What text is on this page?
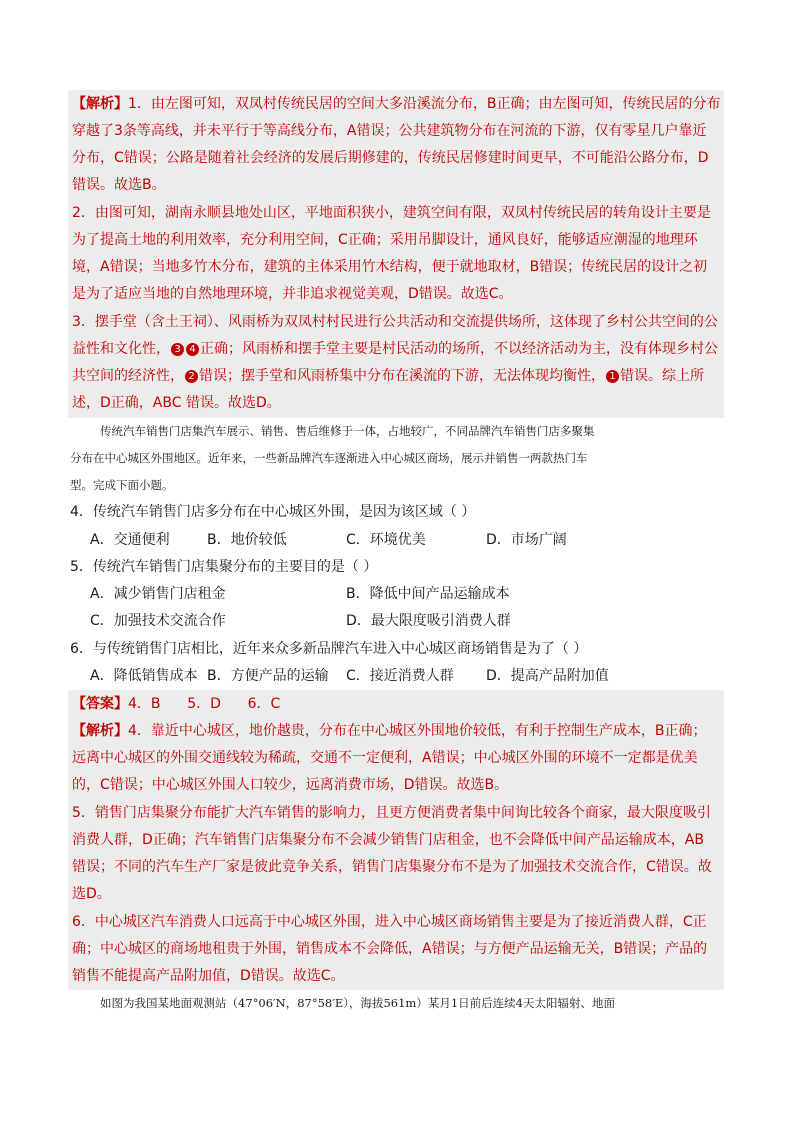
【解析】1．由左图可知，双凤村传统民居的空间大多沿溪流分布，B正确；由左图可知，传统民居的分布
穿越了3条等高线，并未平行于等高线分布，A错误；公共建筑物分布在河流的下游，仅有零星几户靠近
分布，C错误；公路是随着社会经济的发展后期修建的，传统民居修建时间更早，不可能沿公路分布，D
错误。故选B。
2．由图可知，湖南永顺县地处山区，平地面积狭小，建筑空间有限，双凤村传统民居的转角设计主要是
为了提高土地的利用效率，充分利用空间，C正确；采用吊脚设计，通风良好，能够适应潮湿的地理环
境，A错误；当地多竹木分布，建筑的主体采用竹木结构，便于就地取材，B错误；传统民居的设计之初
是为了适应当地的自然地理环境，并非追求视觉美观，D错误。故选C。
3．摆手堂（含土王祠）、风雨桥为双凤村村民进行公共活动和交流提供场所，这体现了乡村公共空间的公
益性和文化性， 3 4 正确；风雨桥和摆手堂主要是村民活动的场所，不以经济活动为主，没有体现乡村公
共空间的经济性， 2 错误；摆手堂和风雨桥集中分布在溪流的下游，无法体现均衡性， 1 错误。综上所
述，D正确，ABC 错误。故选D。
传统汽车销售门店集汽车展示、销售、售后维修于一体，占地较广，不同品牌汽车销售门店多聚集
分布在中心城区外围地区。近年来，一些新品牌汽车逐渐进入中心城区商场，展示并销售一两款热门车
型。完成下面小题。
4．传统汽车销售门店多分布在中心城区外围，是因为该区域（ ）
A．交通便利	B．地价较低	C．环境优美	D．市场广阔
5．传统汽车销售门店集聚分布的主要目的是（ ）
A．减少销售门店租金	B．降低中间产品运输成本
C．加强技术交流合作	D．最大限度吸引消费人群
6．与传统销售门店相比，近年来众多新品牌汽车进入中心城区商场销售是为了（ ）
A．降低销售成本 B．方便产品的运输 C．接近消费人群 D．提高产品附加值
【答案】4．B      5．D      6．C
【解析】4．靠近中心城区，地价越贵，分布在中心城区外围地价较低，有利于控制生产成本，B正确；
远离中心城区的外围交通线较为稀疏，交通不一定便利，A错误；中心城区外围的环境不一定都是优美
的，C错误；中心城区外围人口较少，远离消费市场，D错误。故选B。
5．销售门店集聚分布能扩大汽车销售的影响力，且更方便消费者集中间询比较各个商家，最大限度吸引
消费人群，D正确；汽车销售门店集聚分布不会减少销售门店租金，也不会降低中间产品运输成本，AB
错误；不同的汽车生产厂家是彼此竞争关系，销售门店集聚分布不是为了加强技术交流合作，C错误。故
选D。
6．中心城区汽车消费人口远高于中心城区外围，进入中心城区商场销售主要是为了接近消费人群，C正
确；中心城区的商场地租贵于外围，销售成本不会降低，A错误；与方便产品运输无关，B错误；产品的
销售不能提高产品附加值，D错误。故选C。
如图为我国某地面观测站（47°06′N，87°58′E），海拔561m）某月1日前后连续4天太阳辐射、地面
